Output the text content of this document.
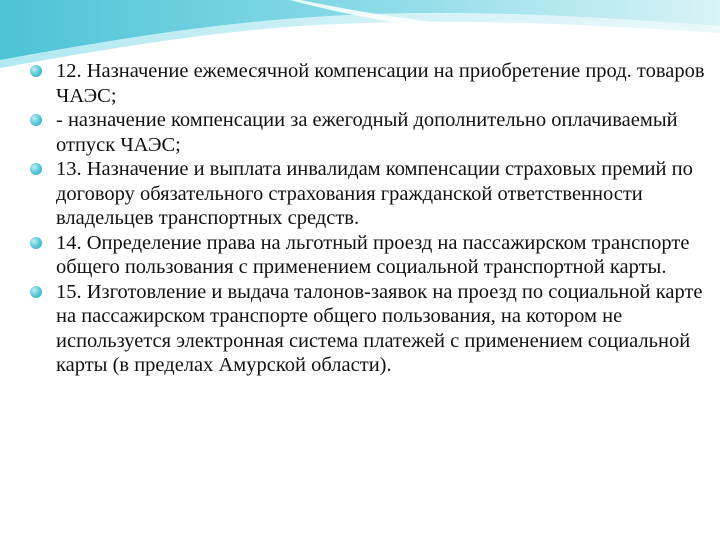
12. Назначение ежемесячной компенсации на приобретение прод. товаров ЧАЭС;
- назначение компенсации за ежегодный дополнительно оплачиваемый отпуск ЧАЭС;
13. Назначение и выплата инвалидам компенсации страховых премий по договору обязательного страхования гражданской ответственности владельцев транспортных средств.
14. Определение права на льготный проезд на пассажирском транспорте общего пользования с применением социальной транспортной карты.
15. Изготовление и выдача талонов-заявок на проезд по социальной карте на пассажирском транспорте общего пользования, на котором не используется электронная система платежей с применением социальной карты (в пределах Амурской области).
